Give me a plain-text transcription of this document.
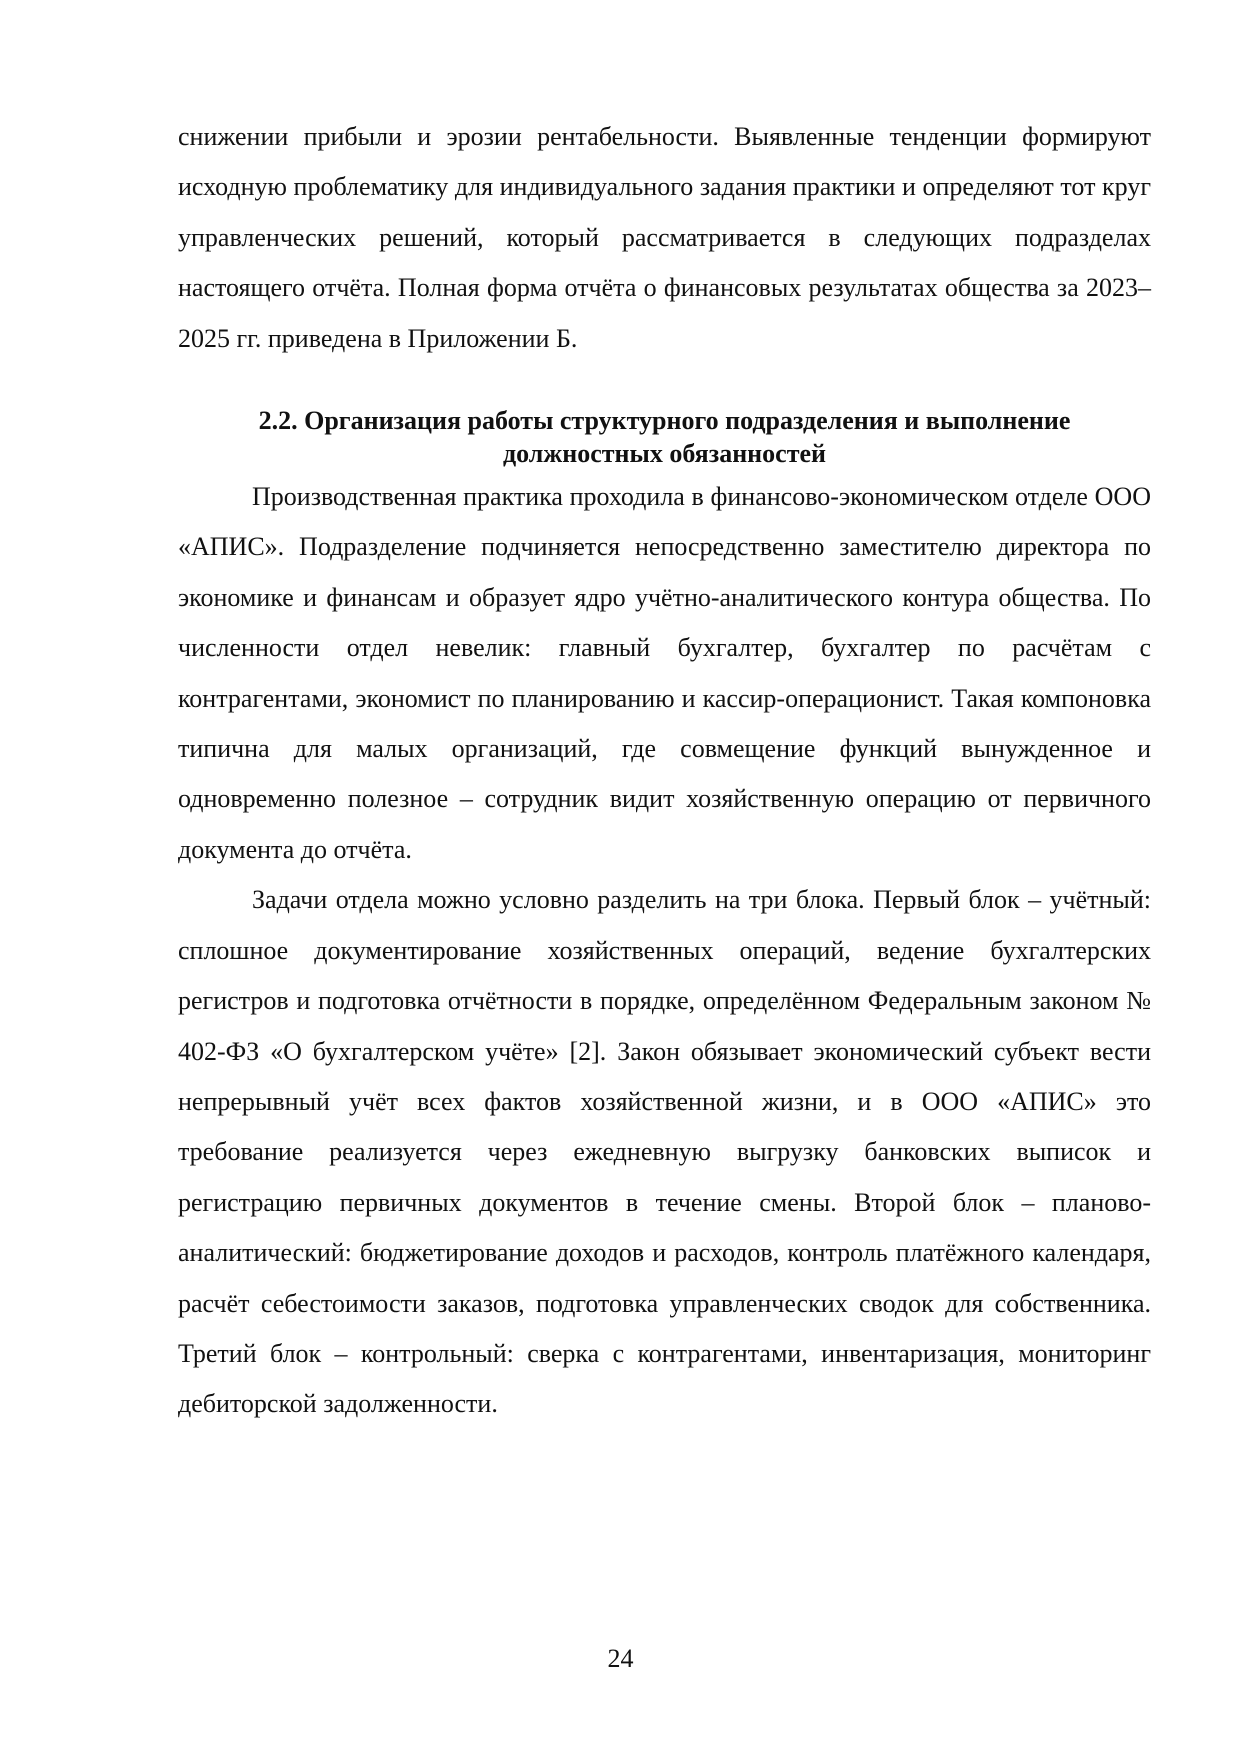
снижении прибыли и эрозии рентабельности. Выявленные тенденции формируют исходную проблематику для индивидуального задания практики и определяют тот круг управленческих решений, который рассматривается в следующих подразделах настоящего отчёта. Полная форма отчёта о финансовых результатах общества за 2023–2025 гг. приведена в Приложении Б.

2.2. Организация работы структурного подразделения и выполнение
должностных обязанностей

Производственная практика проходила в финансово-экономическом отделе ООО «АПИС». Подразделение подчиняется непосредственно заместителю директора по экономике и финансам и образует ядро учётно-аналитического контура общества. По численности отдел невелик: главный бухгалтер, бухгалтер по расчётам с контрагентами, экономист по планированию и кассир-операционист. Такая компоновка типична для малых организаций, где совмещение функций вынужденное и одновременно полезное – сотрудник видит хозяйственную операцию от первичного документа до отчёта.

Задачи отдела можно условно разделить на три блока. Первый блок – учётный: сплошное документирование хозяйственных операций, ведение бухгалтерских регистров и подготовка отчётности в порядке, определённом Федеральным законом № 402-ФЗ «О бухгалтерском учёте» [2]. Закон обязывает экономический субъект вести непрерывный учёт всех фактов хозяйственной жизни, и в ООО «АПИС» это требование реализуется через ежедневную выгрузку банковских выписок и регистрацию первичных документов в течение смены. Второй блок – планово-аналитический: бюджетирование доходов и расходов, контроль платёжного календаря, расчёт себестоимости заказов, подготовка управленческих сводок для собственника. Третий блок – контрольный: сверка с контрагентами, инвентаризация, мониторинг дебиторской задолженности.

24
